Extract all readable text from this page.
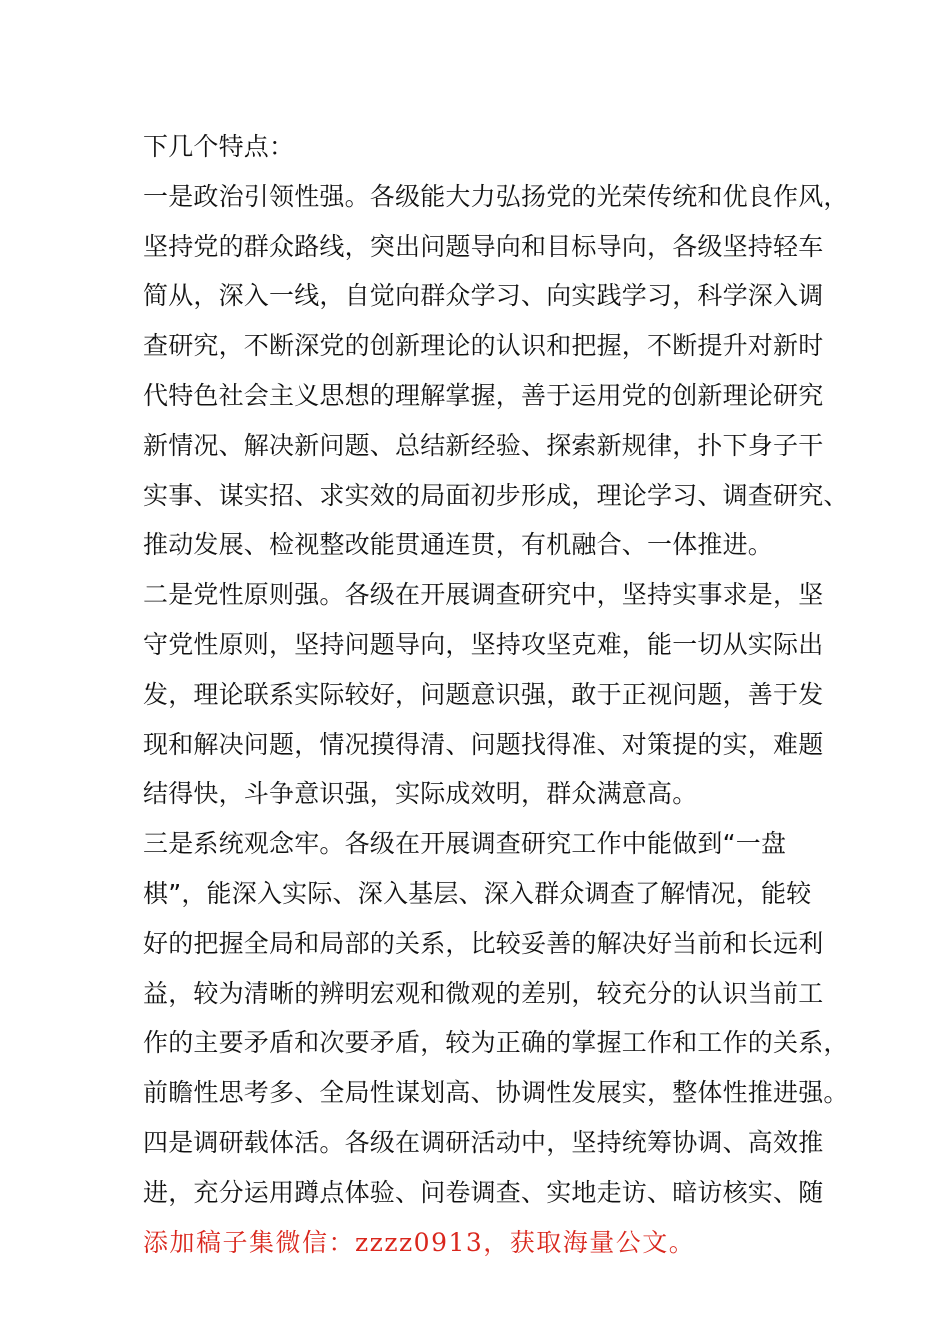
下几个特点：
一是政治引领性强。各级能大力弘扬党的光荣传统和优良作风，
坚持党的群众路线，突出问题导向和目标导向，各级坚持轻车
简从，深入一线，自觉向群众学习、向实践学习，科学深入调
查研究，不断深党的创新理论的认识和把握，不断提升对新时
代特色社会主义思想的理解掌握，善于运用党的创新理论研究
新情况、解决新问题、总结新经验、探索新规律，扑下身子干
实事、谋实招、求实效的局面初步形成，理论学习、调查研究、
推动发展、检视整改能贯通连贯，有机融合、一体推进。
二是党性原则强。各级在开展调查研究中，坚持实事求是，坚
守党性原则，坚持问题导向，坚持攻坚克难，能一切从实际出
发，理论联系实际较好，问题意识强，敢于正视问题，善于发
现和解决问题，情况摸得清、问题找得准、对策提的实，难题
结得快，斗争意识强，实际成效明，群众满意高。
三是系统观念牢。各级在开展调查研究工作中能做到“一盘
棋”，能深入实际、深入基层、深入群众调查了解情况，能较
好的把握全局和局部的关系，比较妥善的解决好当前和长远利
益，较为清晰的辨明宏观和微观的差别，较充分的认识当前工
作的主要矛盾和次要矛盾，较为正确的掌握工作和工作的关系，
前瞻性思考多、全局性谋划高、协调性发展实，整体性推进强。
四是调研载体活。各级在调研活动中，坚持统筹协调、高效推
进，充分运用蹲点体验、问卷调查、实地走访、暗访核实、随
添加稿子集微信：zzzz0913，获取海量公文。
